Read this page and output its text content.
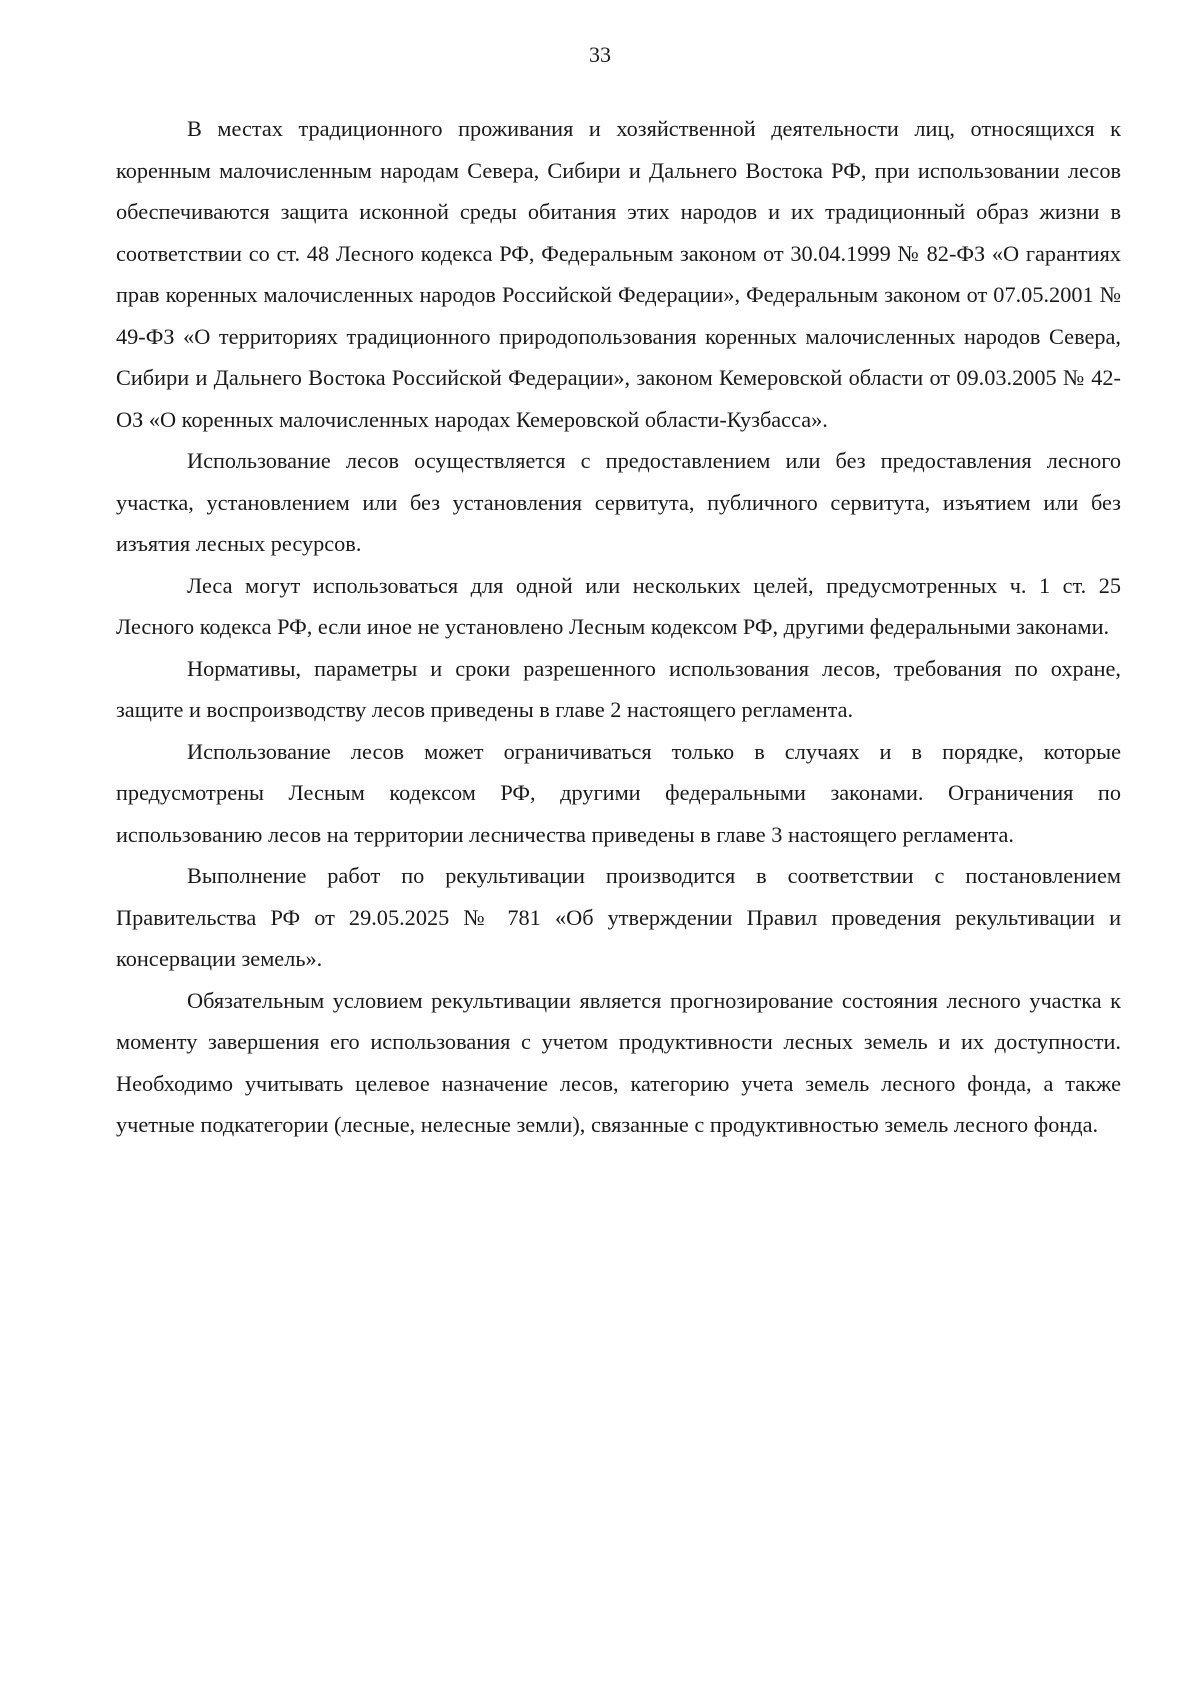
33

В местах традиционного проживания и хозяйственной деятельности лиц, относящихся к коренным малочисленным народам Севера, Сибири и Дальнего Востока РФ, при использовании лесов обеспечиваются защита исконной среды обитания этих народов и их традиционный образ жизни в соответствии со ст. 48 Лесного кодекса РФ, Федеральным законом от 30.04.1999 № 82-ФЗ «О гарантиях прав коренных малочисленных народов Российской Федерации», Федеральным законом от 07.05.2001 № 49-ФЗ «О территориях традиционного природопользования коренных малочисленных народов Севера, Сибири и Дальнего Востока Российской Федерации», законом Кемеровской области от 09.03.2005 № 42-ОЗ «О коренных малочисленных народах Кемеровской области-Кузбасса».

Использование лесов осуществляется с предоставлением или без предоставления лесного участка, установлением или без установления сервитута, публичного сервитута, изъятием или без изъятия лесных ресурсов.

Леса могут использоваться для одной или нескольких целей, предусмотренных ч. 1 ст. 25 Лесного кодекса РФ, если иное не установлено Лесным кодексом РФ, другими федеральными законами.

Нормативы, параметры и сроки разрешенного использования лесов, требования по охране, защите и воспроизводству лесов приведены в главе 2 настоящего регламента.

Использование лесов может ограничиваться только в случаях и в порядке, которые предусмотрены Лесным кодексом РФ, другими федеральными законами. Ограничения по использованию лесов на территории лесничества приведены в главе 3 настоящего регламента.

Выполнение работ по рекультивации производится в соответствии с постановлением Правительства РФ от 29.05.2025 № 781 «Об утверждении Правил проведения рекультивации и консервации земель».

Обязательным условием рекультивации является прогнозирование состояния лесного участка к моменту завершения его использования с учетом продуктивности лесных земель и их доступности. Необходимо учитывать целевое назначение лесов, категорию учета земель лесного фонда, а также учетные подкатегории (лесные, нелесные земли), связанные с продуктивностью земель лесного фонда.
